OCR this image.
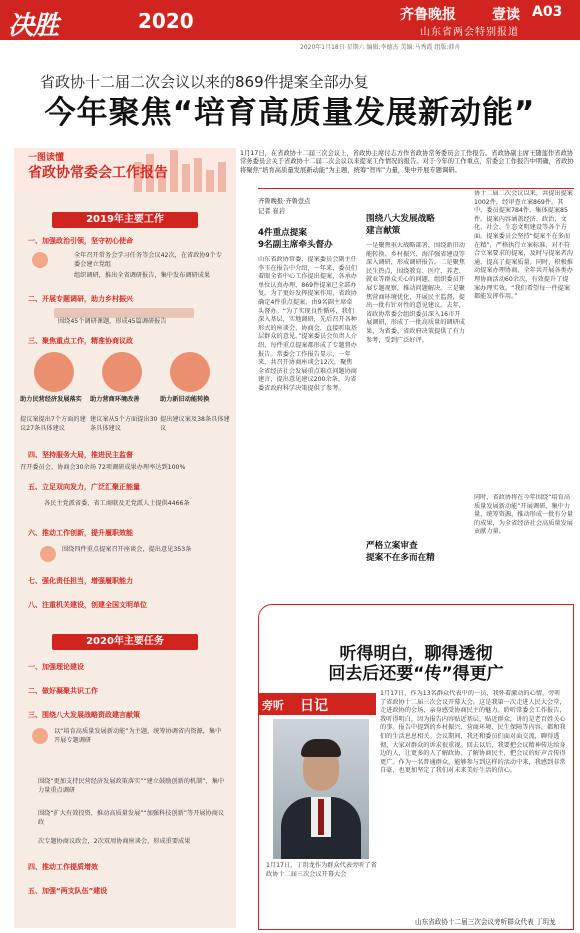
决胜	2020	齐鲁晚报	壹读 A03
山东省两会特别报道
2020年1月18日 星期六 编辑:李德杰 美编:马秀霞 组版:韩舟
省政协十二届二次会议以来的869件提案全部办复
今年聚焦“培育高质量发展新动能”
一图读懂
省政协常委会工作报告
2019年主要工作
一、加强政治引领，坚守初心使命
全年召开常务会学习任务等会议42次，在省政协9个专委会建立党组
组织调研，推出全省调研报告，集中发布调研成果
二、开展专题调研，助力乡村振兴
围绕45个调研课题，形成45篇调研报告
三、聚焦重点工作，精准协商议政
助力民营经济发展落实	助力营商环境改善	助力新旧动能转换
提议案提出7个方面的建议27条具体建议
建议案从5个方面提出30条具体建议
提出建议案及38条具体建议
四、坚持服务大局，推进民主监督
召开委员会、协商会30余场 72项调研成果办理率达到100%
五、立足双向发力，广泛汇聚正能量
各民主党派省委、省工商联及无党派人士提供4466条
六、推动工作创新，提升履职效能
围绕四件重点提案召开座谈会，提出意见353条
七、强化责任担当，增强履职能力
八、注重机关建设，创建全国文明单位
2020年主要任务
一、加强理论建设
二、做好凝聚共识工作
三、围绕八大发展战略资政建言献策
以“培育高质量发展新动能”为主题，统筹协调省内资源，集中开展专题调研
围绕“更加支持民营经济发展政策落实”“建立鼓励创新的机制”，集中力量重点调研
围绕“扩大有效投资，推动高质量发展”“加强科技创新”等开展协商议政
次专题协商议政会，2次双周协商座谈会，形成重要成果
四、推动工作提质增效
五、加强“两支队伍”建设
1月17日，在省政协十二届三次会议上，省政协主席付志方作省政协常务委员会工作报告。省政协副主席王随莲作省政协常务委员会关于省政协十二届二次会议以来提案工作情况的报告。对于今年的工作重点，常委会工作报告中明确，省政协将聚焦“培育高质量发展新动能”为主题，统筹“智库”力量，集中开展专题调研。
齐鲁晚报·齐鲁壹点
记者 崔岩
4件重点提案
9名副主席牵头督办
山东省政协常委、提案委员会副主任李玉在报告中介绍，一年来，委员们着眼全省中心工作提出提案，各承办单位认真办理，869件提案已全部办复。为了更好发挥提案作用，省政协确定4件重点提案，由9名副主席牵头督办。“为了实现良性循环，我们深入基层，实地调研，先后召开各种形式的座谈会、协商会，直接听取基层群众的意见。”提案委员会负责人介绍，每件重点提案都形成了专题督办报告。常委会工作报告显示，一年来，共召开协商座谈会12次，聚焦全省经济社会发展重点难点问题协商建言，提出意见建议200余条，为省委省政府科学决策提供了参考。
围绕八大发展战略
建言献策
一是聚焦重大战略部署，围绕新旧动能转换、乡村振兴、海洋强省建设等深入调研，形成调研报告。二是聚焦民生热点，围绕教育、医疗、养老、就业等群众关心的问题，组织委员开展专题视察，推动问题解决。三是聚焦营商环境优化，开展民主监督，提出一批有针对性的意见建议。去年，省政协常委会组织委员深入16市开展调研，形成了一批高质量的调研成果，为省委、省政府决策提供了有力参考，受到广泛好评。
严格立案审查
提案不在多而在精
协十二届二次会议以来，共提出提案1002件，经审查立案869件。其中，委员提案784件，集体提案85件。提案内容涵盖经济、政治、文化、社会、生态文明建设等各个方面。提案委员会坚持“提案不在多而在精”，严格执行立案标准，对不符合立案要求的提案，及时与提案者沟通，提高了提案质量。同时，积极推动提案办理协商，全年共开展各类办理协商活动60余次，有效提升了提案办理实效。“我们希望每一件提案都能发挥作用。”
同时，省政协将在今年围绕“培育高质量发展新动能”开展调研，集中力量、统筹资源，推动形成一批有分量的成果，为全省经济社会高质量发展贡献力量。
听得明白，聊得透彻
回去后还要“传”得更广
旁听 日记
1月17日，丁玥龙作为群众代表旁听了省政协十二届三次会议开幕大会
1月17日，作为13名群众代表中的一员，我怀着激动的心情，旁听了省政协十二届三次会议开幕大会。这是我第一次走进人民大会堂，走进政协的会场，亲身感受协商民主的魅力。聆听常委会工作报告，我听得明白，因为报告内容贴近基层、贴近群众，讲的是老百姓关心的事。报告中提到的乡村振兴、营商环境、民生保障等内容，都和我们的生活息息相关。会议期间，我还和委员们面对面交流，聊得透彻，大家对群众的诉求很重视。回去以后，我要把会议精神传达给身边的人，让更多的人了解政协、了解协商民主，把会议的好声音传得更广。作为一名普通群众，能够参与到这样的活动中来，我感到非常自豪，也更加坚定了我们对未来美好生活的信心。
山东省政协十二届三次会议旁听群众代表 丁玥龙
